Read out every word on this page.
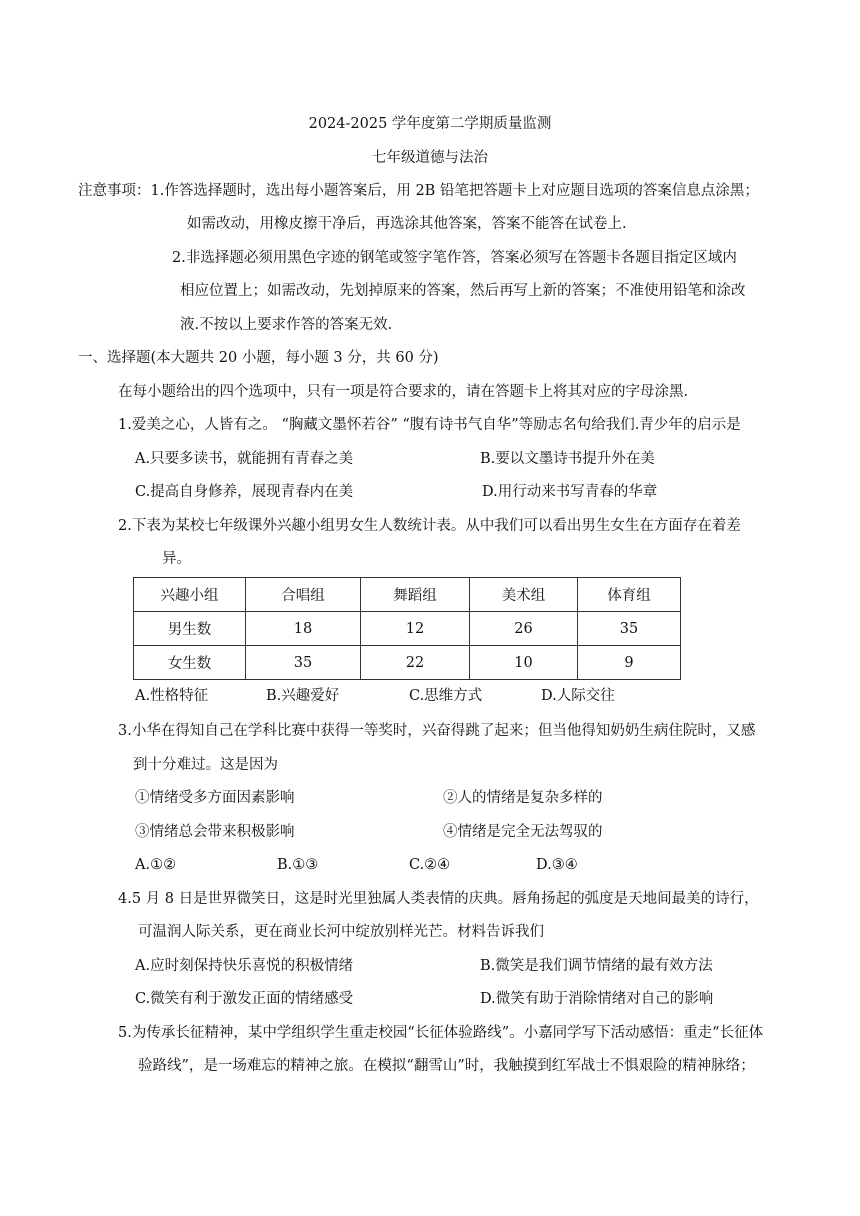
2024-2025 学年度第二学期质量监测
七年级道德与法治
注意事项：1.作答选择题时，选出每小题答案后，用 2B 铅笔把答题卡上对应题目选项的答案信息点涂黑；
如需改动，用橡皮擦干净后，再选涂其他答案，答案不能答在试卷上.
2.非选择题必须用黑色字迹的钢笔或签字笔作答，答案必须写在答题卡各题目指定区域内
相应位置上；如需改动，先划掉原来的答案，然后再写上新的答案；不准使用铅笔和涂改
液.不按以上要求作答的答案无效.
一、选择题(本大题共 20 小题，每小题 3 分，共 60 分)
在每小题给出的四个选项中，只有一项是符合要求的，请在答题卡上将其对应的字母涂黑.
1.爱美之心，人皆有之。 “胸藏文墨怀若谷” “腹有诗书气自华”等励志名句给我们.青少年的启示是
A.只要多读书，就能拥有青春之美	B.要以文墨诗书提升外在美
C.提高自身修养，展现青春内在美	D.用行动来书写青春的华章
2.下表为某校七年级课外兴趣小组男女生人数统计表。从中我们可以看出男生女生在方面存在着差
异。
兴趣小组	合唱组	舞蹈组	美术组	体育组
男生数	18	12	26	35
女生数	35	22	10	9
A.性格特征	B.兴趣爱好	C.思维方式	D.人际交往
3.小华在得知自己在学科比赛中获得一等奖时，兴奋得跳了起来；但当他得知奶奶生病住院时，又感
到十分难过。这是因为
①情绪受多方面因素影响	②人的情绪是复杂多样的
③情绪总会带来积极影响	④情绪是完全无法驾驭的
A.①②	B.①③	C.②④	D.③④
4.5 月 8 日是世界微笑日，这是时光里独属人类表情的庆典。唇角扬起的弧度是天地间最美的诗行，
可温润人际关系，更在商业长河中绽放别样光芒。材料告诉我们
A.应时刻保持快乐喜悦的积极情绪	B.微笑是我们调节情绪的最有效方法
C.微笑有利于激发正面的情绪感受	D.微笑有助于消除情绪对自己的影响
5.为传承长征精神，某中学组织学生重走校园“长征体验路线”。小嘉同学写下活动感悟：重走“长征体
验路线”，是一场难忘的精神之旅。在模拟“翻雪山”时，我触摸到红军战士不惧艰险的精神脉络；
